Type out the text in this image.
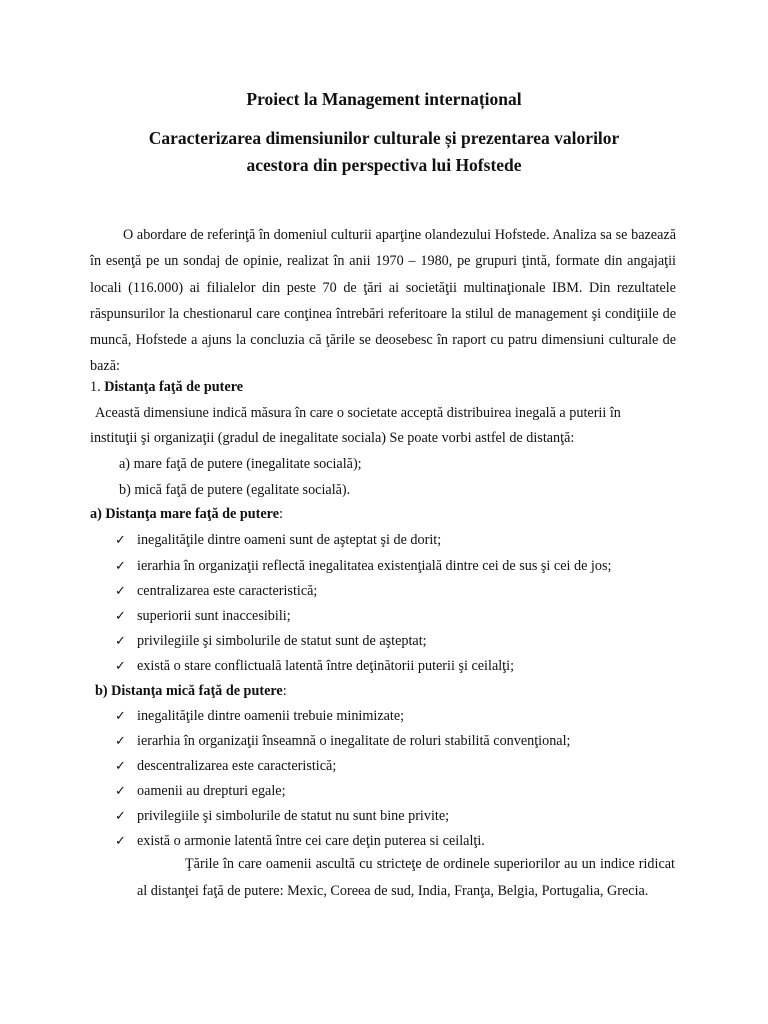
Proiect la Management internațional
Caracterizarea dimensiunilor culturale și prezentarea valorilor
acestora din perspectiva lui Hofstede

O abordare de referinţă în domeniul culturii aparţine olandezului Hofstede. Analiza sa se bazează în esenţă pe un sondaj de opinie, realizat în anii 1970 – 1980, pe grupuri ţintă, formate din angajaţii locali (116.000) ai filialelor din peste 70 de ţări ai societăţii multinaţionale IBM. Din rezultatele răspunsurilor la chestionarul care conţinea întrebări referitoare la stilul de management şi condiţiile de muncă, Hofstede a ajuns la concluzia că ţările se deosebesc în raport cu patru dimensiuni culturale de bază:

1. Distanţa faţă de putere
Această dimensiune indică măsura în care o societate acceptă distribuirea inegală a puterii în
instituţii şi organizaţii (gradul de inegalitate sociala) Se poate vorbi astfel de distanţă:
a) mare faţă de putere (inegalitate socială);
b) mică faţă de putere (egalitate socială).
a) Distanţa mare faţă de putere:
✓ inegalităţile dintre oameni sunt de aşteptat şi de dorit;
✓ ierarhia în organizaţii reflectă inegalitatea existenţială dintre cei de sus şi cei de jos;
✓ centralizarea este caracteristică;
✓ superiorii sunt inaccesibili;
✓ privilegiile şi simbolurile de statut sunt de aşteptat;
✓ există o stare conflictuală latentă între deţinătorii puterii şi ceilalţi;
b) Distanţa mică faţă de putere:
✓ inegalităţile dintre oamenii trebuie minimizate;
✓ ierarhia în organizaţii înseamnă o inegalitate de roluri stabilită convenţional;
✓ descentralizarea este caracteristică;
✓ oamenii au drepturi egale;
✓ privilegiile şi simbolurile de statut nu sunt bine privite;
✓ există o armonie latentă între cei care deţin puterea si ceilalţi.

Ţările în care oamenii ascultă cu stricteţe de ordinele superiorilor au un indice ridicat al distanţei faţă de putere: Mexic, Coreea de sud, India, Franţa, Belgia, Portugalia, Grecia.
